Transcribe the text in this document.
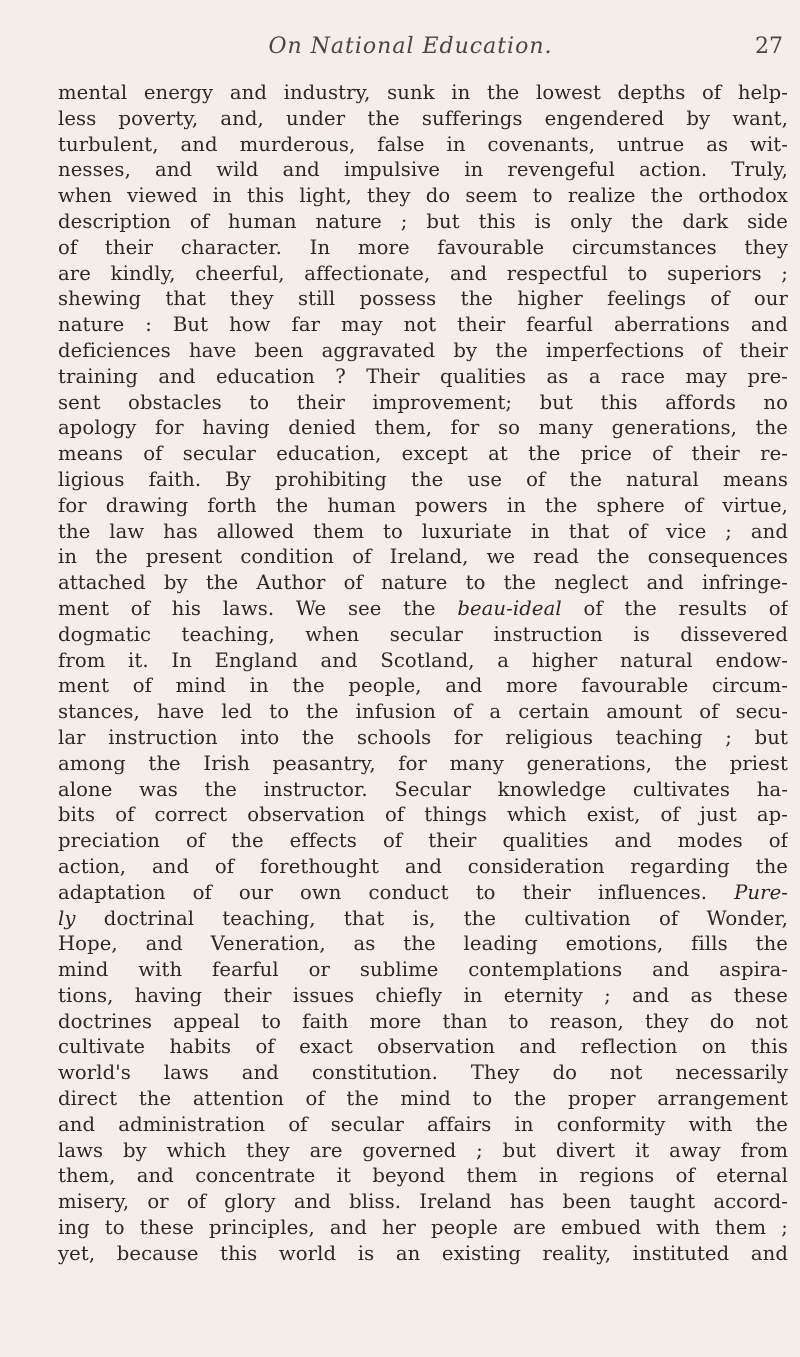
On National Education.	27
mental energy and industry, sunk in the lowest depths of help-
less poverty, and, under the sufferings engendered by want,
turbulent, and murderous, false in covenants, untrue as wit-
nesses, and wild and impulsive in revengeful action. Truly,
when viewed in this light, they do seem to realize the orthodox
description of human nature ; but this is only the dark side
of their character. In more favourable circumstances they
are kindly, cheerful, affectionate, and respectful to superiors ;
shewing that they still possess the higher feelings of our
nature : But how far may not their fearful aberrations and
deficiences have been aggravated by the imperfections of their
training and education ? Their qualities as a race may pre-
sent obstacles to their improvement; but this affords no
apology for having denied them, for so many generations, the
means of secular education, except at the price of their re-
ligious faith. By prohibiting the use of the natural means
for drawing forth the human powers in the sphere of virtue,
the law has allowed them to luxuriate in that of vice ; and
in the present condition of Ireland, we read the consequences
attached by the Author of nature to the neglect and infringe-
ment of his laws. We see the beau-ideal of the results of
dogmatic teaching, when secular instruction is dissevered
from it. In England and Scotland, a higher natural endow-
ment of mind in the people, and more favourable circum-
stances, have led to the infusion of a certain amount of secu-
lar instruction into the schools for religious teaching ; but
among the Irish peasantry, for many generations, the priest
alone was the instructor. Secular knowledge cultivates ha-
bits of correct observation of things which exist, of just ap-
preciation of the effects of their qualities and modes of
action, and of forethought and consideration regarding the
adaptation of our own conduct to their influences. Pure-
ly doctrinal teaching, that is, the cultivation of Wonder,
Hope, and Veneration, as the leading emotions, fills the
mind with fearful or sublime contemplations and aspira-
tions, having their issues chiefly in eternity ; and as these
doctrines appeal to faith more than to reason, they do not
cultivate habits of exact observation and reflection on this
world's laws and constitution. They do not necessarily
direct the attention of the mind to the proper arrangement
and administration of secular affairs in conformity with the
laws by which they are governed ; but divert it away from
them, and concentrate it beyond them in regions of eternal
misery, or of glory and bliss. Ireland has been taught accord-
ing to these principles, and her people are embued with them ;
yet, because this world is an existing reality, instituted and
